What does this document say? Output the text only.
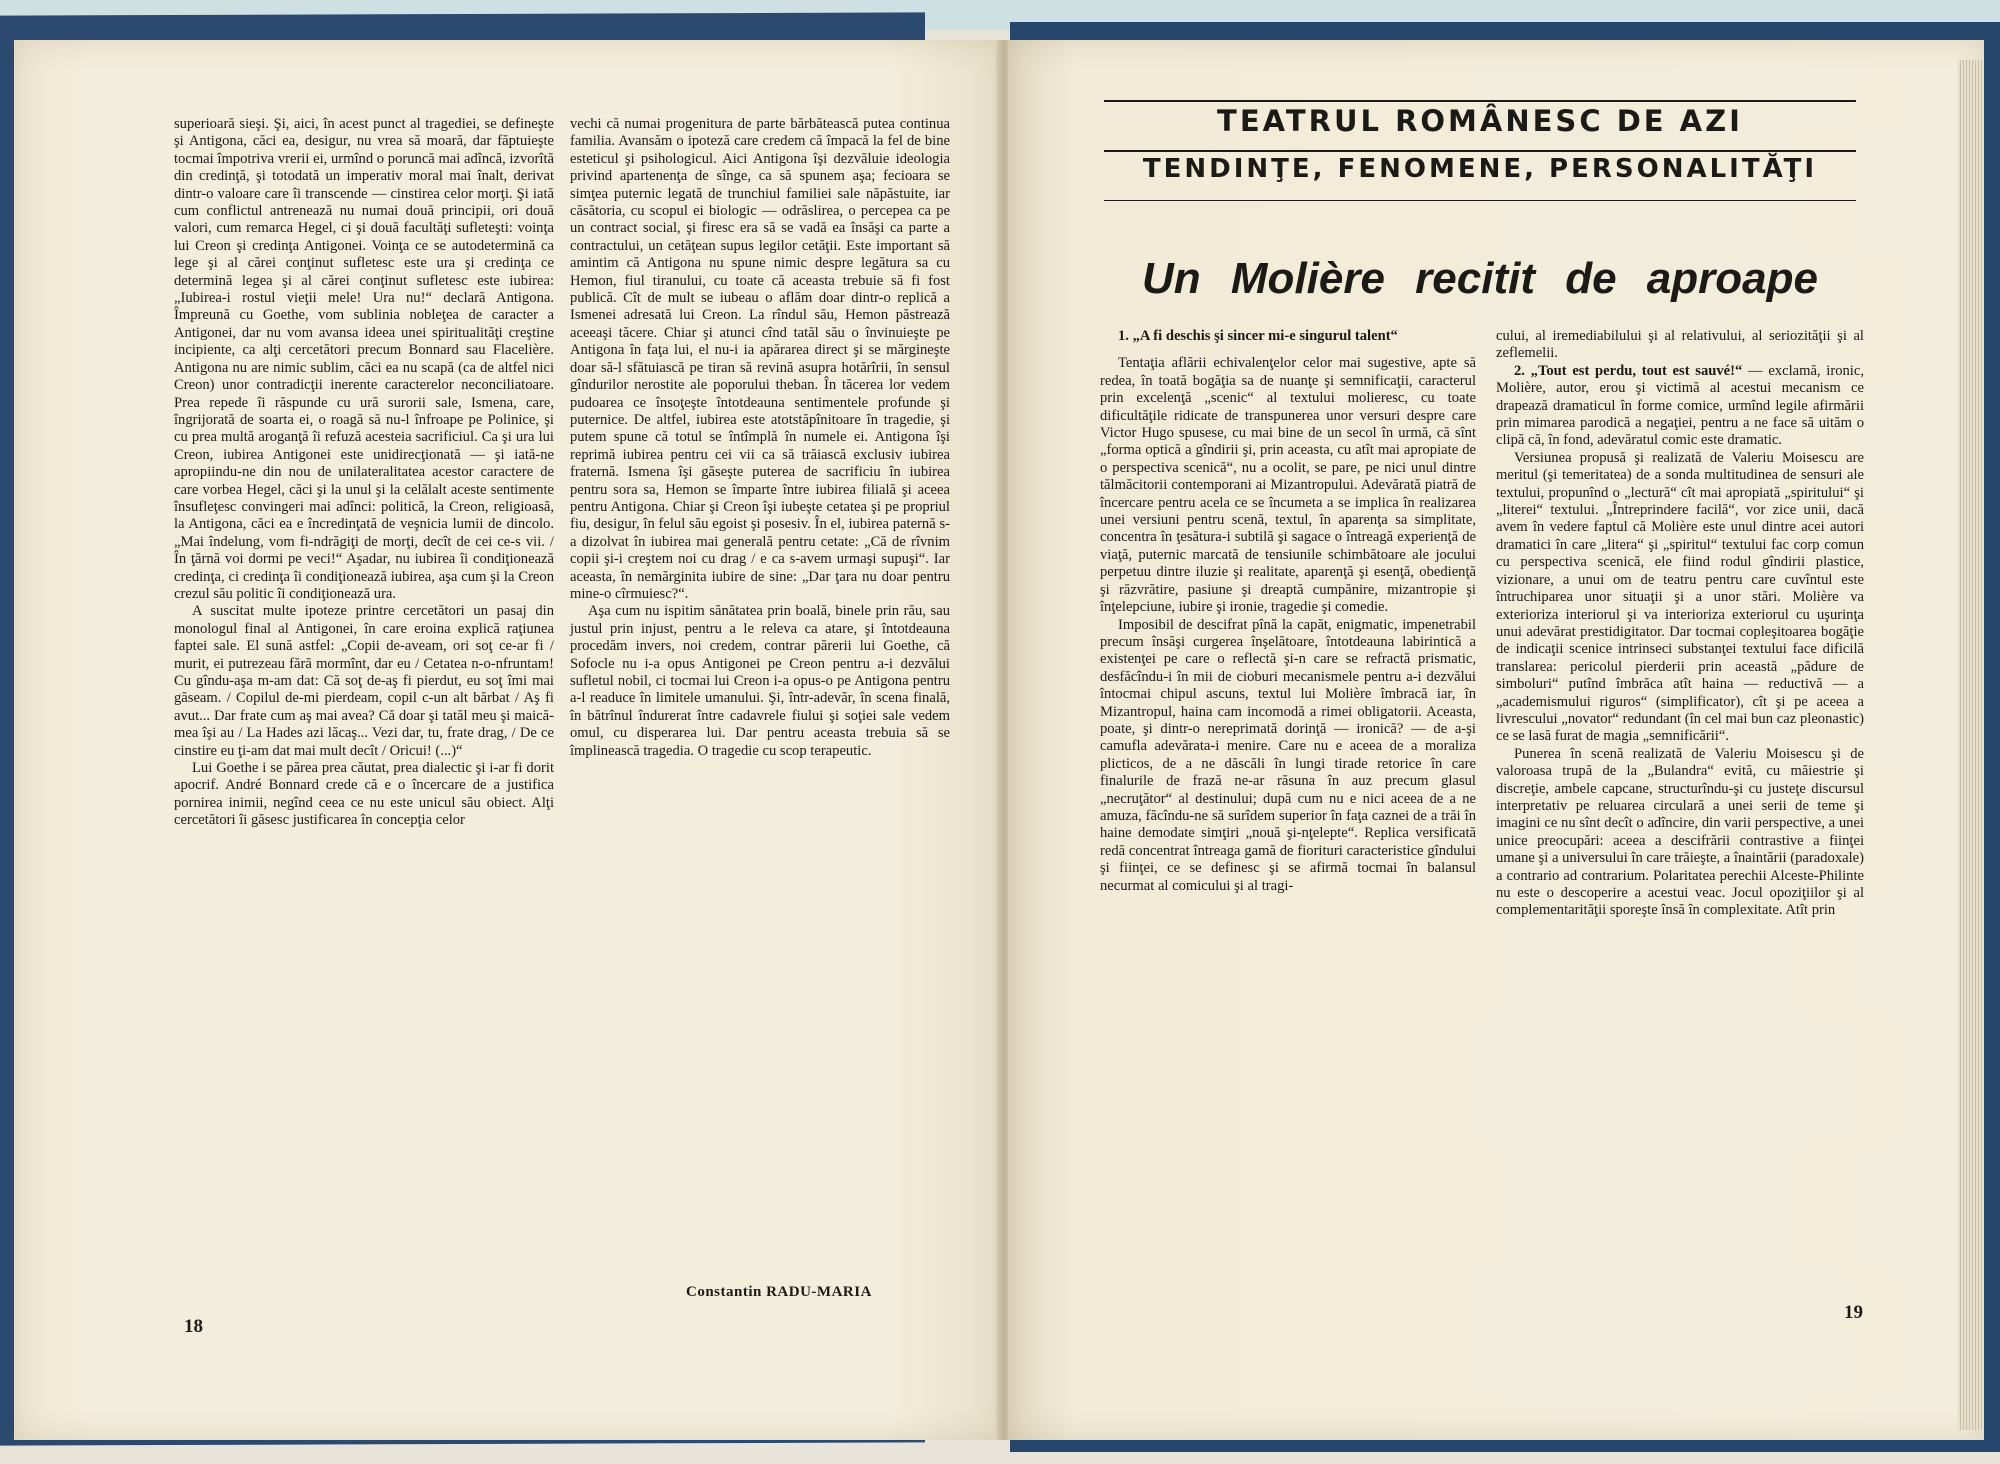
superioară sieşi. Şi, aici, în acest punct al tragediei, se defineşte şi Antigona, căci ea, desigur, nu vrea să moară, dar făptuieşte tocmai împotriva vrerii ei, urmînd o poruncă mai adîncă, izvorîtă din credinţă, şi totodată un imperativ moral mai înalt, derivat dintr-o valoare care îi transcende — cinstirea celor morţi. Şi iată cum conflictul antrenează nu numai două principii, ori două valori, cum remarca Hegel, ci şi două facultăţi sufleteşti: voinţa lui Creon şi credinţa Antigonei. Voinţa ce se autodetermină ca lege şi al cărei conţinut sufletesc este ura şi credinţa ce determină legea şi al cărei conţinut sufletesc este iubirea: „Iubirea-i rostul vieţii mele! Ura nu!“ declară Antigona. Împreună cu Goethe, vom sublinia nobleţea de caracter a Antigonei, dar nu vom avansa ideea unei spiritualităţi creştine incipiente, ca alţi cercetători precum Bonnard sau Flacelière. Antigona nu are nimic sublim, căci ea nu scapă (ca de altfel nici Creon) unor contradicţii inerente caracterelor neconciliatoare. Prea repede îi răspunde cu ură surorii sale, Ismena, care, îngrijorată de soarta ei, o roagă să nu-l înfroape pe Polinice, şi cu prea multă aroganţă îi refuză acesteia sacrificiul. Ca şi ura lui Creon, iubirea Antigonei este unidirecţionată — şi iată-ne apropiindu-ne din nou de unilateralitatea acestor caractere de care vorbea Hegel, căci şi la unul şi la celălalt aceste sentimente însufleţesc convingeri mai adînci: politică, la Creon, religioasă, la Antigona, căci ea e încredinţată de veşnicia lumii de dincolo. „Mai îndelung, vom fi-ndrăgiţi de morţi, decît de cei ce-s vii. / În ţărnă voi dormi pe veci!“ Aşadar, nu iubirea îi condiţionează credinţa, ci credinţa îi condiţionează iubirea, aşa cum şi la Creon crezul său politic îi condiţionează ura.

A suscitat multe ipoteze printre cercetători un pasaj din monologul final al Antigonei, în care eroina explică raţiunea faptei sale. El sună astfel: „Copii de-aveam, ori soţ ce-ar fi / murit, ei putrezeau fără mormînt, dar eu / Cetatea n-o-nfruntam! Cu gîndu-aşa m-am dat: Că soţ de-aş fi pierdut, eu soţ îmi mai găseam. / Copilul de-mi pierdeam, copil c-un alt bărbat / Aş fi avut... Dar frate cum aş mai avea? Că doar şi tatăl meu şi maică-mea îşi au / La Hades azi lăcaş... Vezi dar, tu, frate drag, / De ce cinstire eu ţi-am dat mai mult decît / Oricui! (...)“

Lui Goethe i se părea prea căutat, prea dialectic şi i-ar fi dorit apocrif. André Bonnard crede că e o încercare de a justifica pornirea inimii, negînd ceea ce nu este unicul său obiect. Alţi cercetători îi găsesc justificarea în concepţia celor

vechi că numai progenitura de parte bărbătească putea continua familia. Avansăm o ipoteză care credem că împacă la fel de bine esteticul şi psihologicul. Aici Antigona îşi dezvăluie ideologia privind apartenenţa de sînge, ca să spunem aşa; fecioara se simţea puternic legată de trunchiul familiei sale năpăstuite, iar căsătoria, cu scopul ei biologic — odrăslirea, o percepea ca pe un contract social, şi firesc era să se vadă ea însăşi ca parte a contractului, un cetăţean supus legilor cetăţii. Este important să amintim că Antigona nu spune nimic despre legătura sa cu Hemon, fiul tiranului, cu toate că aceasta trebuie să fi fost publică. Cît de mult se iubeau o aflăm doar dintr-o replică a Ismenei adresată lui Creon. La rîndul său, Hemon păstrează aceeaşi tăcere. Chiar şi atunci cînd tatăl său o învinuieşte pe Antigona în faţa lui, el nu-i ia apărarea direct şi se mărgineşte doar să-l sfătuiască pe tiran să revină asupra hotărîrii, în sensul gîndurilor nerostite ale poporului theban. În tăcerea lor vedem pudoarea ce însoţeşte întotdeauna sentimentele profunde şi puternice. De altfel, iubirea este atotstăpînitoare în tragedie, şi putem spune că totul se întîmplă în numele ei. Antigona îşi reprimă iubirea pentru cei vii ca să trăiască exclusiv iubirea fraternă. Ismena îşi găseşte puterea de sacrificiu în iubirea pentru sora sa, Hemon se împarte între iubirea filială şi aceea pentru Antigona. Chiar şi Creon îşi iubeşte cetatea şi pe propriul fiu, desigur, în felul său egoist şi posesiv. În el, iubirea paternă s-a dizolvat în iubirea mai generală pentru cetate: „Că de rîvnim copii şi-i creştem noi cu drag / e ca s-avem urmaşi supuşi“. Iar aceasta, în nemărginita iubire de sine: „Dar ţara nu doar pentru mine-o cîrmuiesc?“.

Aşa cum nu ispitim sănătatea prin boală, binele prin rău, sau justul prin injust, pentru a le releva ca atare, şi întotdeauna procedăm invers, noi credem, contrar părerii lui Goethe, că Sofocle nu i-a opus Antigonei pe Creon pentru a-i dezvălui sufletul nobil, ci tocmai lui Creon i-a opus-o pe Antigona pentru a-l readuce în limitele umanului. Şi, într-adevăr, în scena finală, în bătrînul îndurerat între cadavrele fiului şi soţiei sale vedem omul, cu disperarea lui. Dar pentru aceasta trebuia să se împlinească tragedia. O tragedie cu scop terapeutic.

Constantin RADU-MARIA
18
TEATRUL ROMÂNESC DE AZI
TENDINŢE, FENOMENE, PERSONALITĂŢI
Un Molière recitit de aproape

1. „A fi deschis şi sincer mi-e singurul talent“

Tentaţia aflării echivalenţelor celor mai sugestive, apte să redea, în toată bogăţia sa de nuanţe şi semnificaţii, caracterul prin excelenţă „scenic“ al textului molieresc, cu toate dificultăţile ridicate de transpunerea unor versuri despre care Victor Hugo spusese, cu mai bine de un secol în urmă, că sînt „forma optică a gîndirii şi, prin aceasta, cu atît mai apropiate de o perspectiva scenică“, nu a ocolit, se pare, pe nici unul dintre tălmăcitorii contemporani ai Mizantropului. Adevărată piatră de încercare pentru acela ce se încumeta a se implica în realizarea unei versiuni pentru scenă, textul, în aparenţa sa simplitate, concentra în ţesătura-i subtilă şi sagace o întreagă experienţă de viaţă, puternic marcată de tensiunile schimbătoare ale jocului perpetuu dintre iluzie şi realitate, aparenţă şi esenţă, obedienţă şi răzvrătire, pasiune şi dreaptă cumpănire, mizantropie şi înţelepciune, iubire şi ironie, tragedie şi comedie.

Imposibil de descifrat pînă la capăt, enigmatic, impenetrabil precum însăşi curgerea înşelătoare, întotdeauna labirintică a existenţei pe care o reflectă şi-n care se refractă prismatic, desfăcîndu-i în mii de cioburi mecanismele pentru a-i dezvălui întocmai chipul ascuns, textul lui Molière îmbracă iar, în Mizantropul, haina cam incomodă a rimei obligatorii. Aceasta, poate, şi dintr-o nereprimată dorinţă — ironică? — de a-şi camufla adevărata-i menire. Care nu e aceea de a moraliza plicticos, de a ne dăscăli în lungi tirade retorice în care finalurile de frază ne-ar răsuna în auz precum glasul „necruţător“ al destinului; după cum nu e nici aceea de a ne amuza, făcîndu-ne să surîdem superior în faţa caznei de a trăi în haine demodate simţiri „nouă şi-nţelepte“. Replica versificată redă concentrat întreaga gamă de fioriturі caracteristice gîndului şi fiinţei, ce se definesc şi se afirmă tocmai în balansul necurmat al comicului şi al tragi-

cului, al iremediabilului şi al relativului, al seriozităţii şi al zeflemelii.

2. „Tout est perdu, tout est sauvé!“ — exclamă, ironic, Molière, autor, erou şi victimă al acestui mecanism ce drapează dramaticul în forme comice, urmînd legile afirmării prin mimarea parodică a negaţiei, pentru a ne face să uităm o clipă că, în fond, adevăratul comic este dramatic.

Versiunea propusă şi realizată de Valeriu Moisescu are meritul (şi temeritatea) de a sonda multitudinea de sensuri ale textului, propunînd o „lectură“ cît mai apropiată „spiritului“ şi „literei“ textului. „Întreprindere facilă“, vor zice unii, dacă avem în vedere faptul că Molière este unul dintre acei autori dramatici în care „litera“ şi „spiritul“ textului fac corp comun cu perspectiva scenică, ele fiind rodul gîndirii plastice, vizionare, a unui om de teatru pentru care cuvîntul este întruchiparea unor situaţii şi a unor stări. Molière va exterioriza interiorul şi va interioriza exteriorul cu uşurinţa unui adevărat prestidigitator. Dar tocmai copleşitoarea bogăţie de indicaţii scenice intrinseci substanţei textului face dificilă translarea: pericolul pierderii prin această „pădure de simboluri“ putînd îmbrăca atît haina — reductivă — a „academismului riguros“ (simplificator), cît şi pe aceea a livrescului „novator“ redundant (în cel mai bun caz pleonastic) ce se lasă furat de magia „semnificării“.

Punerea în scenă realizată de Valeriu Moisescu şi de valoroasa trupă de la „Bulandra“ evită, cu măiestrie şi discreţie, ambele capcane, structurîndu-şi cu justeţe discursul interpretativ pe reluarea circulară a unei serii de teme şi imagini ce nu sînt decît o adîncire, din varii perspective, a unei unice preocupări: aceea a descifrării contrastive a fiinţei umane şi a universului în care trăieşte, a înaintării (paradoxale) a contrario ad contrarium. Polaritatea perechii Alceste-Philinte nu este o descoperire a acestui veac. Jocul opoziţiilor şi al complementarităţii sporeşte însă în complexitate. Atît prin

19
